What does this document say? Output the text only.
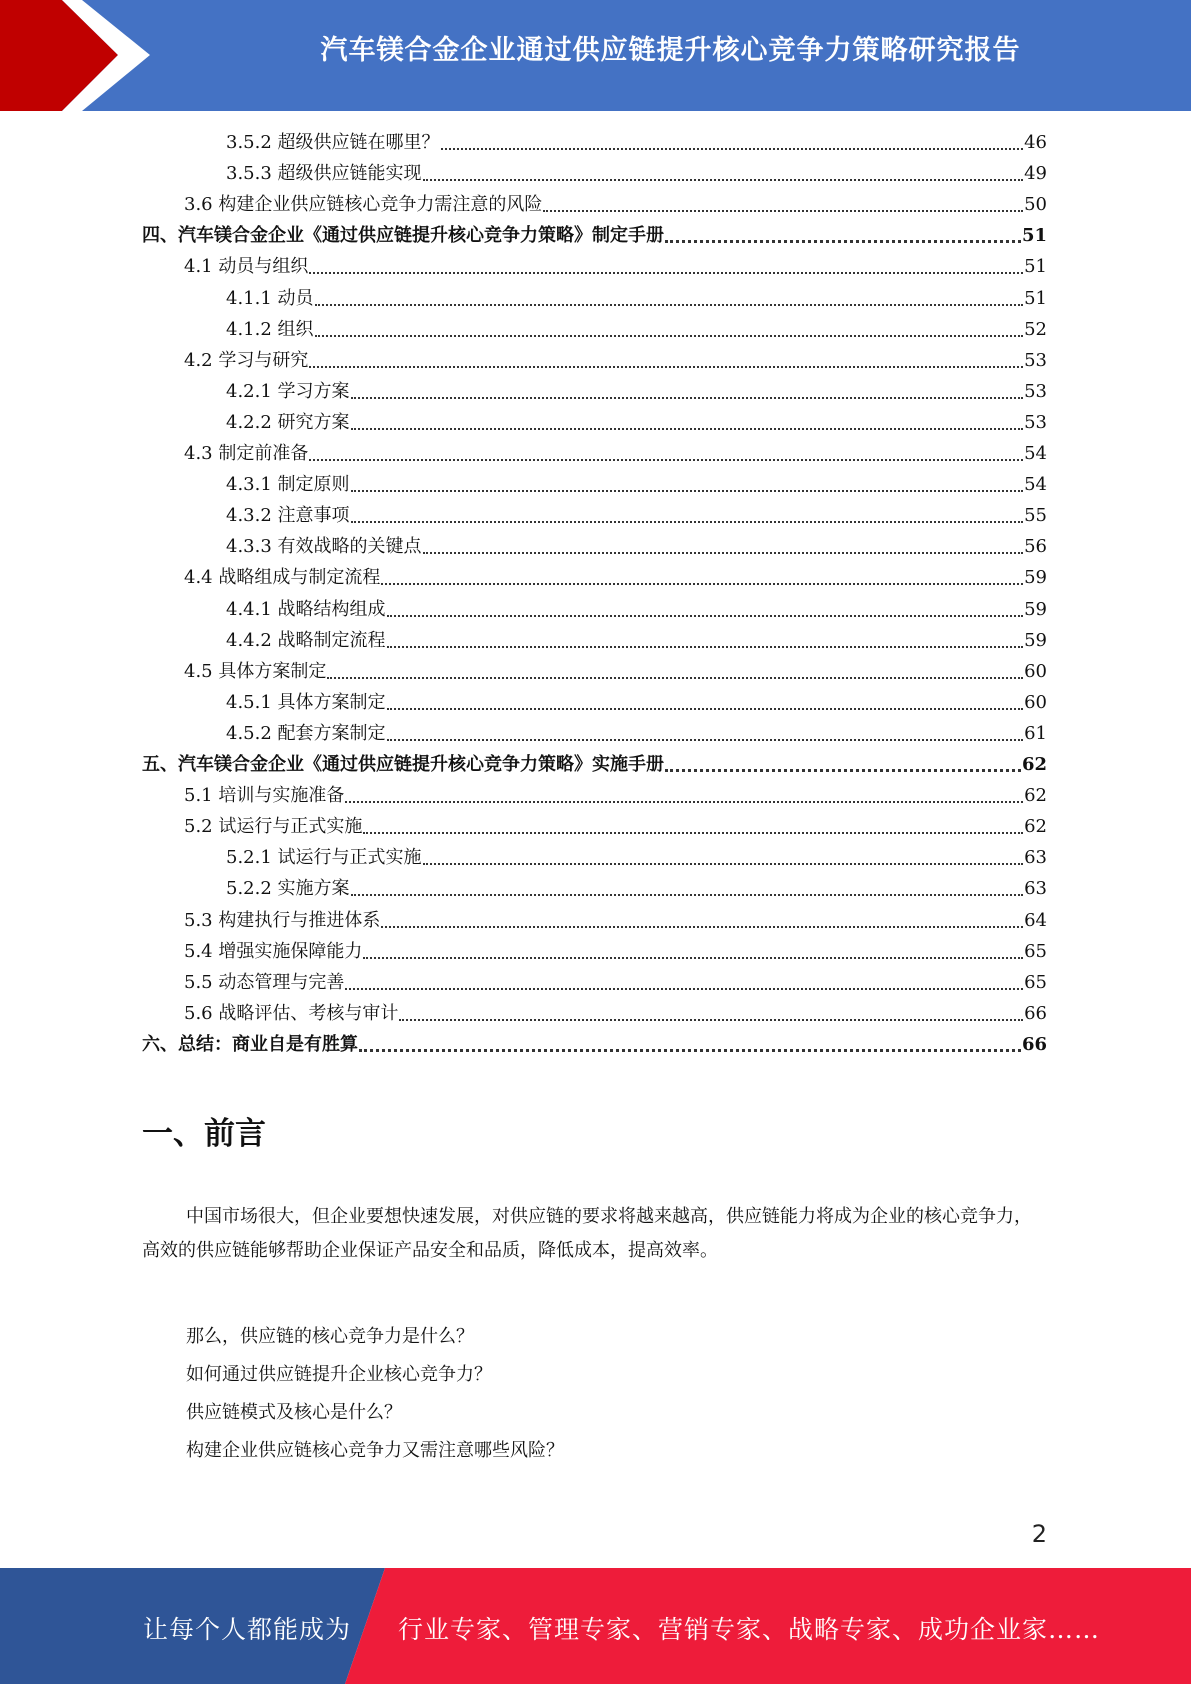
汽车镁合金企业通过供应链提升核心竞争力策略研究报告
3.5.2 超级供应链在哪里？	46
3.5.3 超级供应链能实现	49
3.6 构建企业供应链核心竞争力需注意的风险	50
四、汽车镁合金企业《通过供应链提升核心竞争力策略》制定手册	51
4.1 动员与组织	51
4.1.1 动员	51
4.1.2 组织	52
4.2 学习与研究	53
4.2.1 学习方案	53
4.2.2 研究方案	53
4.3 制定前准备	54
4.3.1 制定原则	54
4.3.2 注意事项	55
4.3.3 有效战略的关键点	56
4.4 战略组成与制定流程	59
4.4.1 战略结构组成	59
4.4.2 战略制定流程	59
4.5 具体方案制定	60
4.5.1 具体方案制定	60
4.5.2 配套方案制定	61
五、汽车镁合金企业《通过供应链提升核心竞争力策略》实施手册	62
5.1 培训与实施准备	62
5.2 试运行与正式实施	62
5.2.1 试运行与正式实施	63
5.2.2 实施方案	63
5.3 构建执行与推进体系	64
5.4 增强实施保障能力	65
5.5 动态管理与完善	65
5.6 战略评估、考核与审计	66
六、总结：商业自是有胜算	66
一、前言

中国市场很大，但企业要想快速发展，对供应链的要求将越来越高，供应链能力将成为企业的核心竞争力，高效的供应链能够帮助企业保证产品安全和品质，降低成本，提高效率。

那么，供应链的核心竞争力是什么？

如何通过供应链提升企业核心竞争力？

供应链模式及核心是什么？

构建企业供应链核心竞争力又需注意哪些风险？

2
让每个人都能成为 行业专家、管理专家、营销专家、战略专家、成功企业家……
